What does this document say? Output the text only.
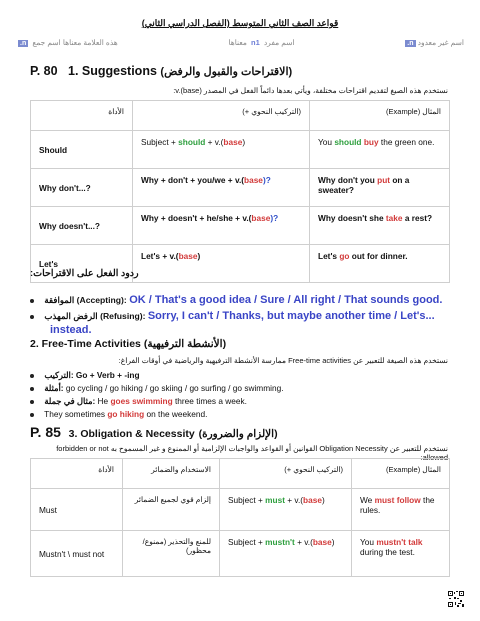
(قواعد الصف الثاني المتوسط (الفصل الدراسي الثاني
اسم غير معدود n.
اسم مفرد n1 معناها
هذه العلامة معناها اسم جمع n.
P. 80 1. Suggestions (الاقتراحات والقبول والرفض)
نستخدم هذه الصيغ لتقديم اقتراحات مختلفة، ويأتي بعدها دائماً الفعل في المصدر v.(base):
الأداة	(التركيب النحوي +)	المثال (Example)
Should	Subject + should + v.(base)	You should buy the green one.
Why don't...?	Why + don't + you/we + v.(base)?	Why don't you put on a sweater?
Why doesn't...?	Why + doesn't + he/she + v.(base)?	Why doesn't she take a rest?
Let's	Let's + v.(base)	Let's go out for dinner.
ردود الفعل على الاقتراحات:
الموافقة (Accepting): OK / That's a good idea / Sure / All right / That sounds good.
الرفض المهذب (Refusing): Sorry, I can't / Thanks, but maybe another time / Let's...
instead.
2. Free-Time Activities (الأنشطة الترفيهية)
نستخدم هذه الصيغة للتعبير عن Free-time activities ممارسة الأنشطة الترفيهية والرياضية في أوقات الفراغ:
التركيب: Go + Verb + -ing
أمثلة: go cycling / go hiking / go skiing / go surfing / go swimming.
مثال في جملة: He goes swimming three times a week.
They sometimes go hiking on the weekend.
P. 85 3. Obligation & Necessity (الإلزام والضرورة)
نستخدم للتعبير عن Obligation Necessity القوانين أو القواعد والواجبات الإلزامية أو الممنوع و غير المسموح به forbidden or not allowed:
الأداة	الاستخدام والضمائر	(التركيب النحوي +)	المثال (Example)
Must	إلزام قوي لجميع الضمائر	Subject + must + v.(base)	We must follow the rules.
Mustn't \ must not	للمنع والتحذير (ممنوع/محظور)	Subject + mustn't + v.(base)	You mustn't talk during the test.
